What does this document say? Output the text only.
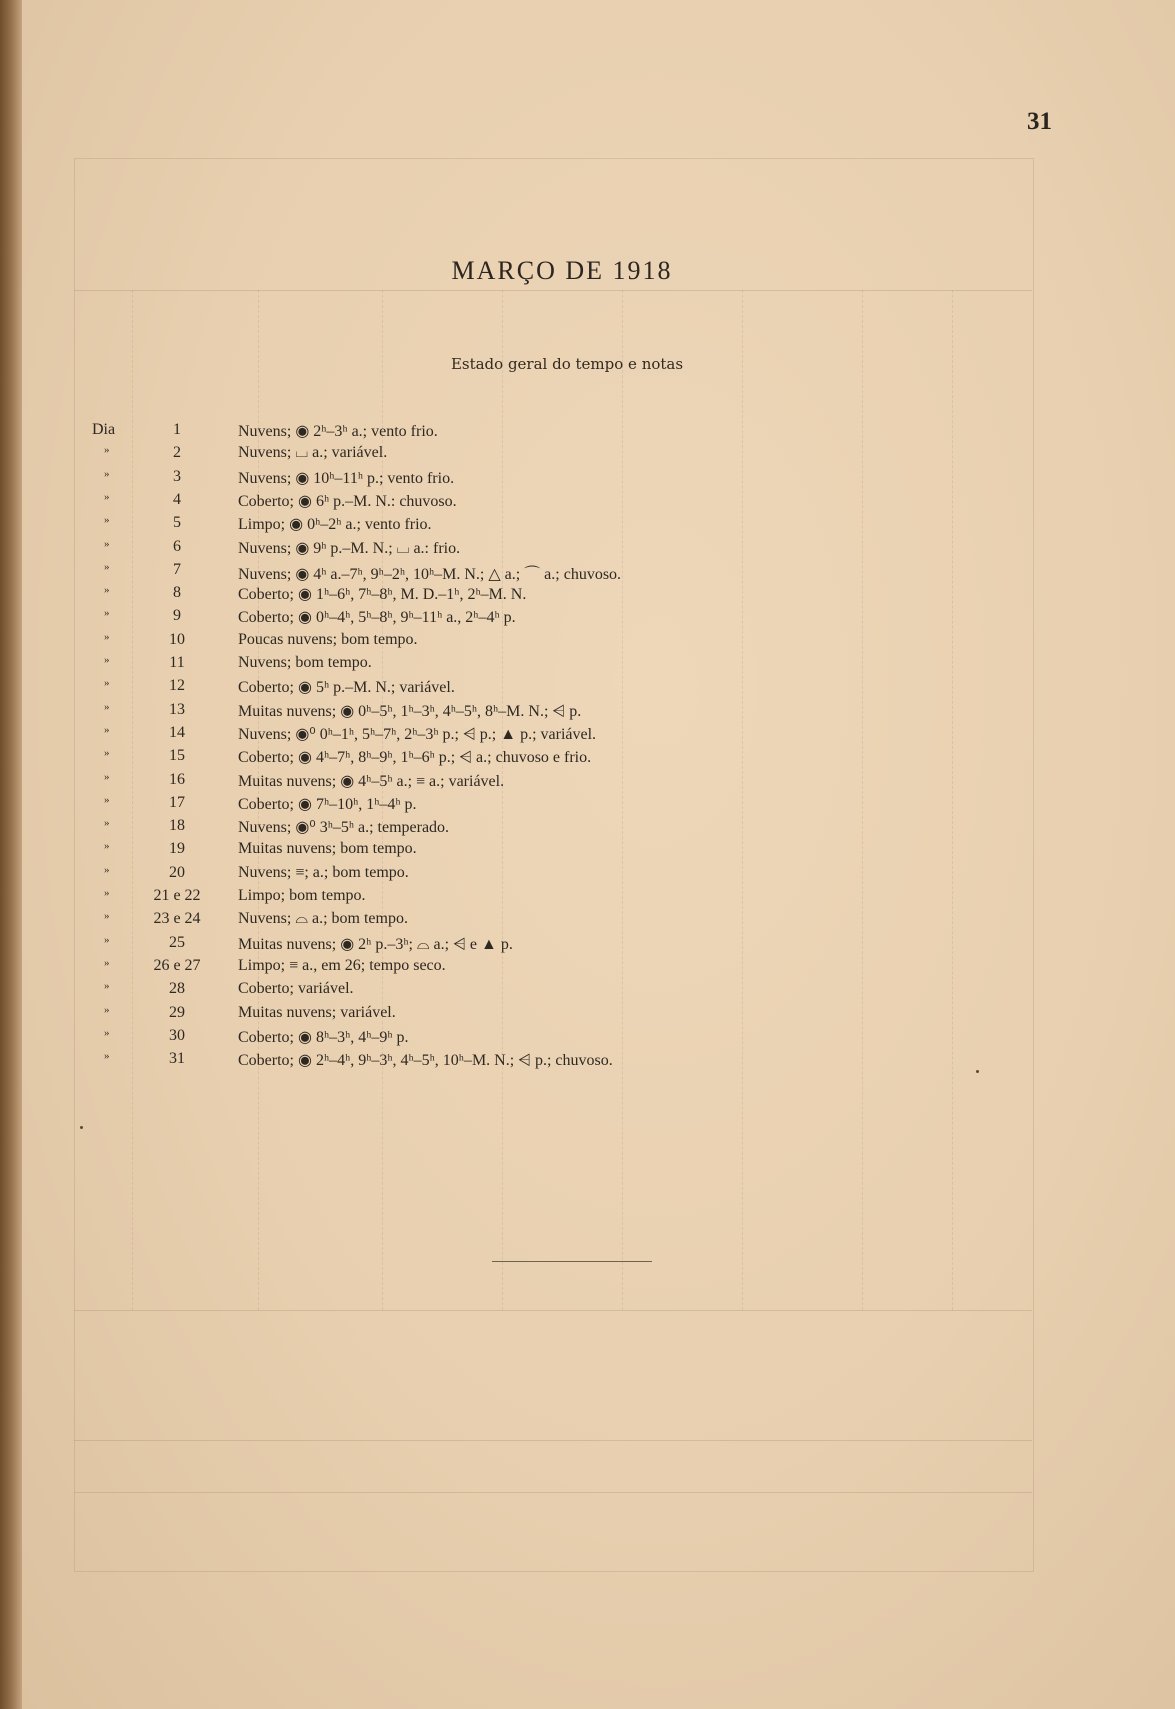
31
MARÇO DE 1918
Estado geral do tempo e notas
Dia	1	Nuvens; ◉ 2ʰ–3ʰ a.; vento frio.
»	2	Nuvens; ⌴ a.; variável.
»	3	Nuvens; ◉ 10ʰ–11ʰ p.; vento frio.
»	4	Coberto; ◉ 6ʰ p.–M. N.: chuvoso.
»	5	Limpo; ◉ 0ʰ–2ʰ a.; vento frio.
»	6	Nuvens; ◉ 9ʰ p.–M. N.; ⌴ a.: frio.
»	7	Nuvens; ◉ 4ʰ a.–7ʰ, 9ʰ–2ʰ, 10ʰ–M. N.; △ a.; ⌒ a.; chuvoso.
»	8	Coberto; ◉ 1ʰ–6ʰ, 7ʰ–8ʰ, M. D.–1ʰ, 2ʰ–M. N.
»	9	Coberto; ◉ 0ʰ–4ʰ, 5ʰ–8ʰ, 9ʰ–11ʰ a., 2ʰ–4ʰ p.
»	10	Poucas nuvens; bom tempo.
»	11	Nuvens; bom tempo.
»	12	Coberto; ◉ 5ʰ p.–M. N.; variável.
»	13	Muitas nuvens; ◉ 0ʰ–5ʰ, 1ʰ–3ʰ, 4ʰ–5ʰ, 8ʰ–M. N.; ⩤ p.
»	14	Nuvens; ◉⁰ 0ʰ–1ʰ, 5ʰ–7ʰ, 2ʰ–3ʰ p.; ⩤ p.; ▲ p.; variável.
»	15	Coberto; ◉ 4ʰ–7ʰ, 8ʰ–9ʰ, 1ʰ–6ʰ p.; ⩤ a.; chuvoso e frio.
»	16	Muitas nuvens; ◉ 4ʰ–5ʰ a.; ≡ a.; variável.
»	17	Coberto; ◉ 7ʰ–10ʰ, 1ʰ–4ʰ p.
»	18	Nuvens; ◉⁰ 3ʰ–5ʰ a.; temperado.
»	19	Muitas nuvens; bom tempo.
»	20	Nuvens; ≡; a.; bom tempo.
»	21 e 22	Limpo; bom tempo.
»	23 e 24	Nuvens; ⌓ a.; bom tempo.
»	25	Muitas nuvens; ◉ 2ʰ p.–3ʰ; ⌓ a.; ⩤ e ▲ p.
»	26 e 27	Limpo; ≡ a., em 26; tempo seco.
»	28	Coberto; variável.
»	29	Muitas nuvens; variável.
»	30	Coberto; ◉ 8ʰ–3ʰ, 4ʰ–9ʰ p.
»	31	Coberto; ◉ 2ʰ–4ʰ, 9ʰ–3ʰ, 4ʰ–5ʰ, 10ʰ–M. N.; ⩤ p.; chuvoso.
